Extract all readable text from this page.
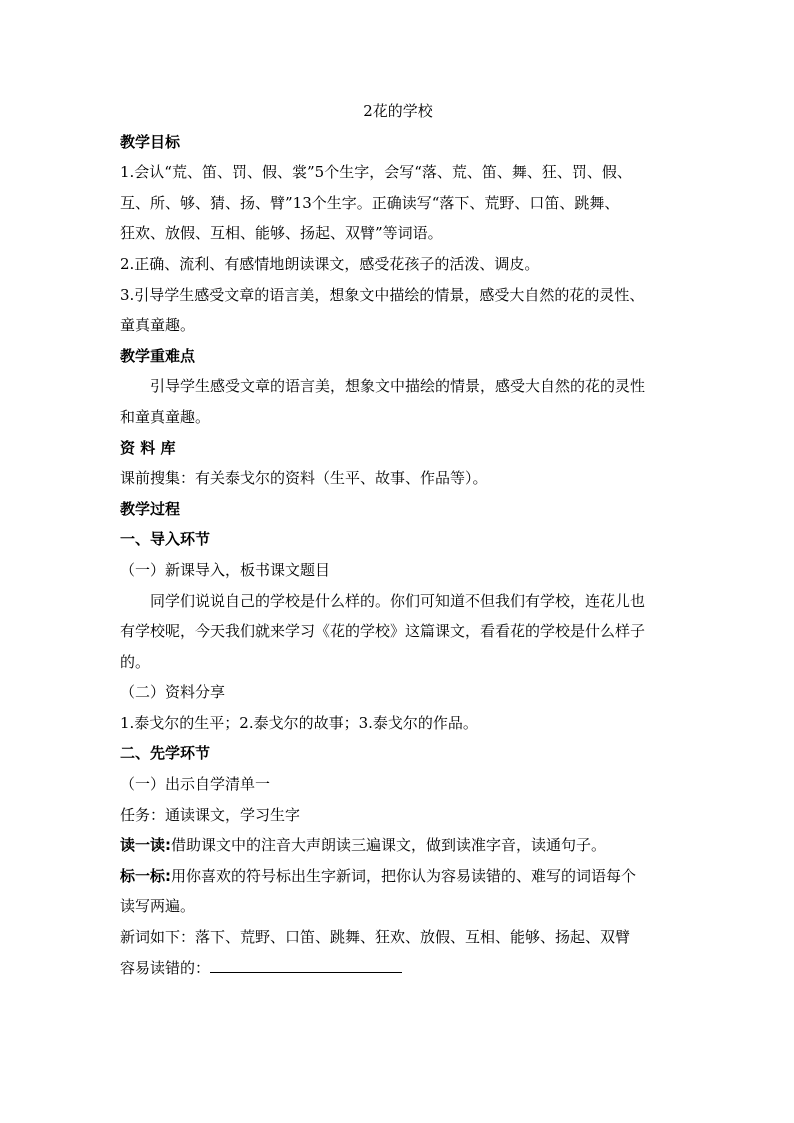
2花的学校
教学目标
1.会认“荒、笛、罚、假、裳”5个生字，会写“落、荒、笛、舞、狂、罚、假、
互、所、够、猜、扬、臂”13个生字。正确读写“落下、荒野、口笛、跳舞、
狂欢、放假、互相、能够、扬起、双臂”等词语。
2.正确、流利、有感情地朗读课文，感受花孩子的活泼、调皮。
3.引导学生感受文章的语言美，想象文中描绘的情景，感受大自然的花的灵性、
童真童趣。
教学重难点
引导学生感受文章的语言美，想象文中描绘的情景，感受大自然的花的灵性
和童真童趣。
资 料 库
课前搜集：有关泰戈尔的资料（生平、故事、作品等）。
教学过程
一、导入环节
（一）新课导入，板书课文题目
同学们说说自己的学校是什么样的。你们可知道不但我们有学校，连花儿也
有学校呢，今天我们就来学习《花的学校》这篇课文，看看花的学校是什么样子
的。
（二）资料分享
1.泰戈尔的生平；2.泰戈尔的故事；3.泰戈尔的作品。
二、先学环节
（一）出示自学清单一
任务：通读课文，学习生字
读一读:借助课文中的注音大声朗读三遍课文，做到读准字音，读通句子。
标一标:用你喜欢的符号标出生字新词，把你认为容易读错的、难写的词语每个
读写两遍。
新词如下：落下、荒野、口笛、跳舞、狂欢、放假、互相、能够、扬起、双臂
容易读错的：
